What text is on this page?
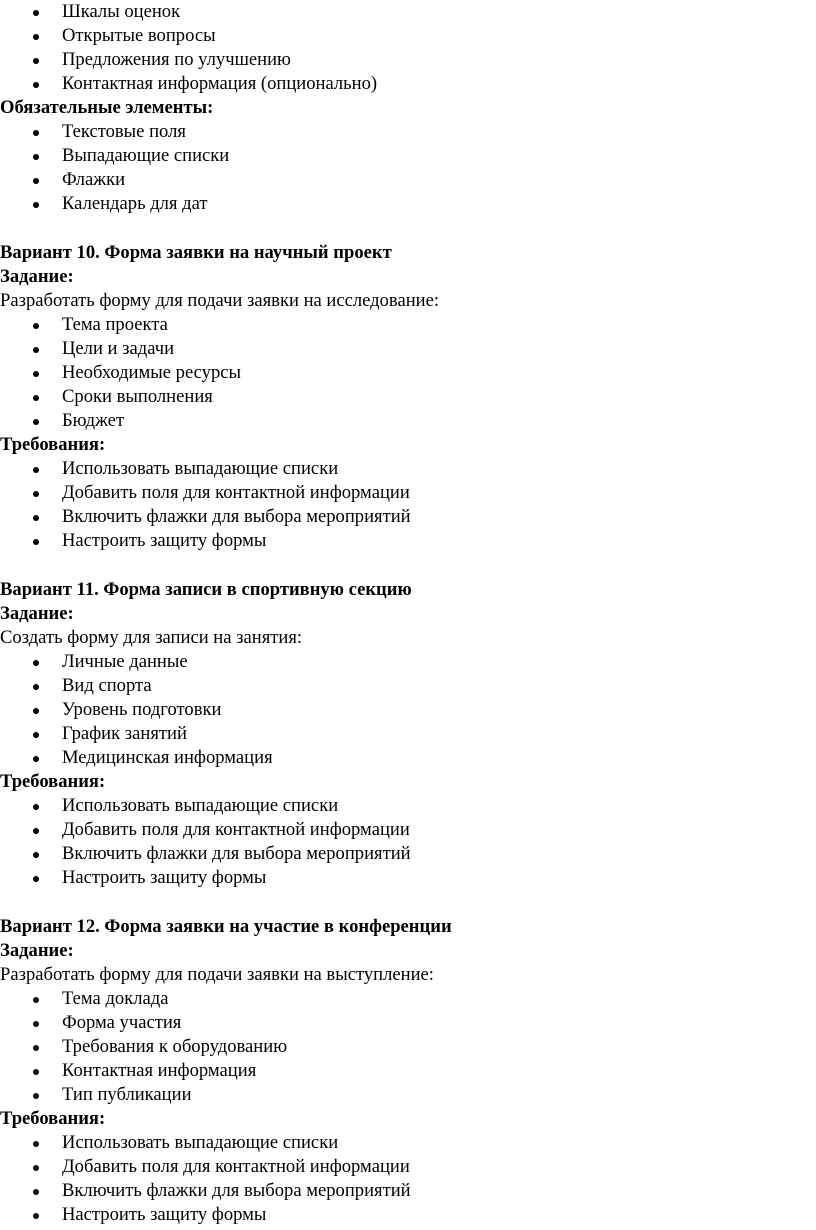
Шкалы оценок
Открытые вопросы
Предложения по улучшению
Контактная информация (опционально)
Обязательные элементы:
Текстовые поля
Выпадающие списки
Флажки
Календарь для дат
Вариант 10. Форма заявки на научный проект
Задание:
Разработать форму для подачи заявки на исследование:
Тема проекта
Цели и задачи
Необходимые ресурсы
Сроки выполнения
Бюджет
Требования:
Использовать выпадающие списки
Добавить поля для контактной информации
Включить флажки для выбора мероприятий
Настроить защиту формы
Вариант 11. Форма записи в спортивную секцию
Задание:
Создать форму для записи на занятия:
Личные данные
Вид спорта
Уровень подготовки
График занятий
Медицинская информация
Требования:
Использовать выпадающие списки
Добавить поля для контактной информации
Включить флажки для выбора мероприятий
Настроить защиту формы
Вариант 12. Форма заявки на участие в конференции
Задание:
Разработать форму для подачи заявки на выступление:
Тема доклада
Форма участия
Требования к оборудованию
Контактная информация
Тип публикации
Требования:
Использовать выпадающие списки
Добавить поля для контактной информации
Включить флажки для выбора мероприятий
Настроить защиту формы
